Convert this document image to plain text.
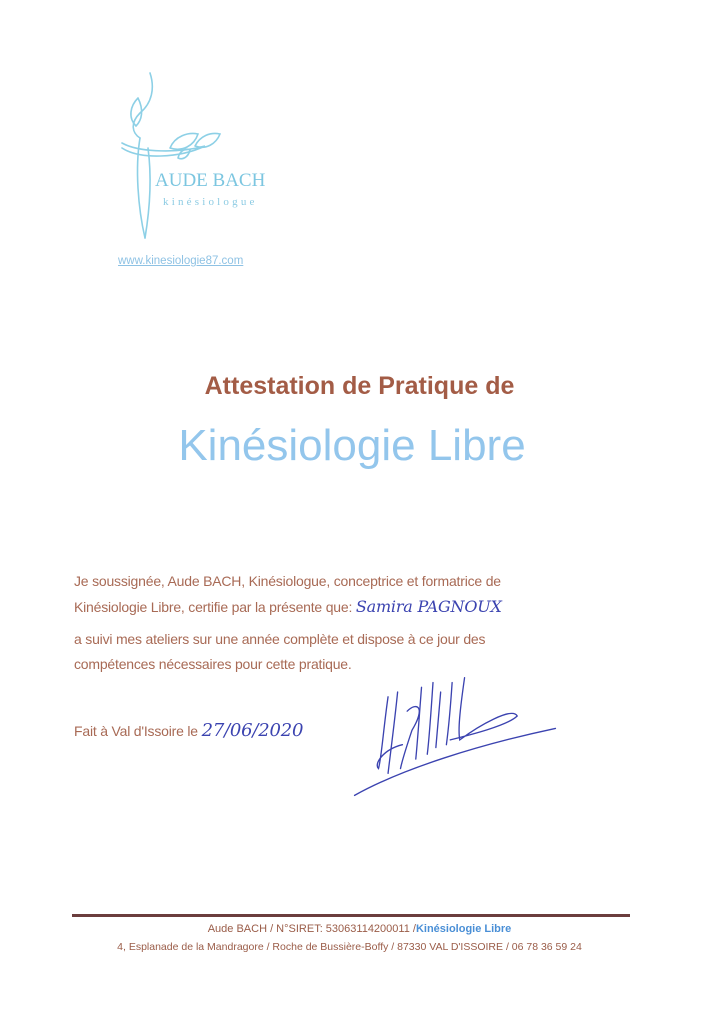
AUDE BACH
kinésiologue
www.kinesiologie87.com
Attestation de Pratique de
Kinésiologie Libre
Je soussignée, Aude BACH, Kinésiologue, conceptrice et formatrice de
Kinésiologie Libre, certifie par la présente que: Samira PAGNOUX
a suivi mes ateliers sur une année complète et dispose à ce jour des
compétences nécessaires pour cette pratique.
Fait à Val d'Issoire le 27/06/2020
Aude BACH / N°SIRET: 53063114200011 /Kinésiologie Libre
4, Esplanade de la Mandragore / Roche de Bussière-Boffy / 87330 VAL D'ISSOIRE / 06 78 36 59 24
